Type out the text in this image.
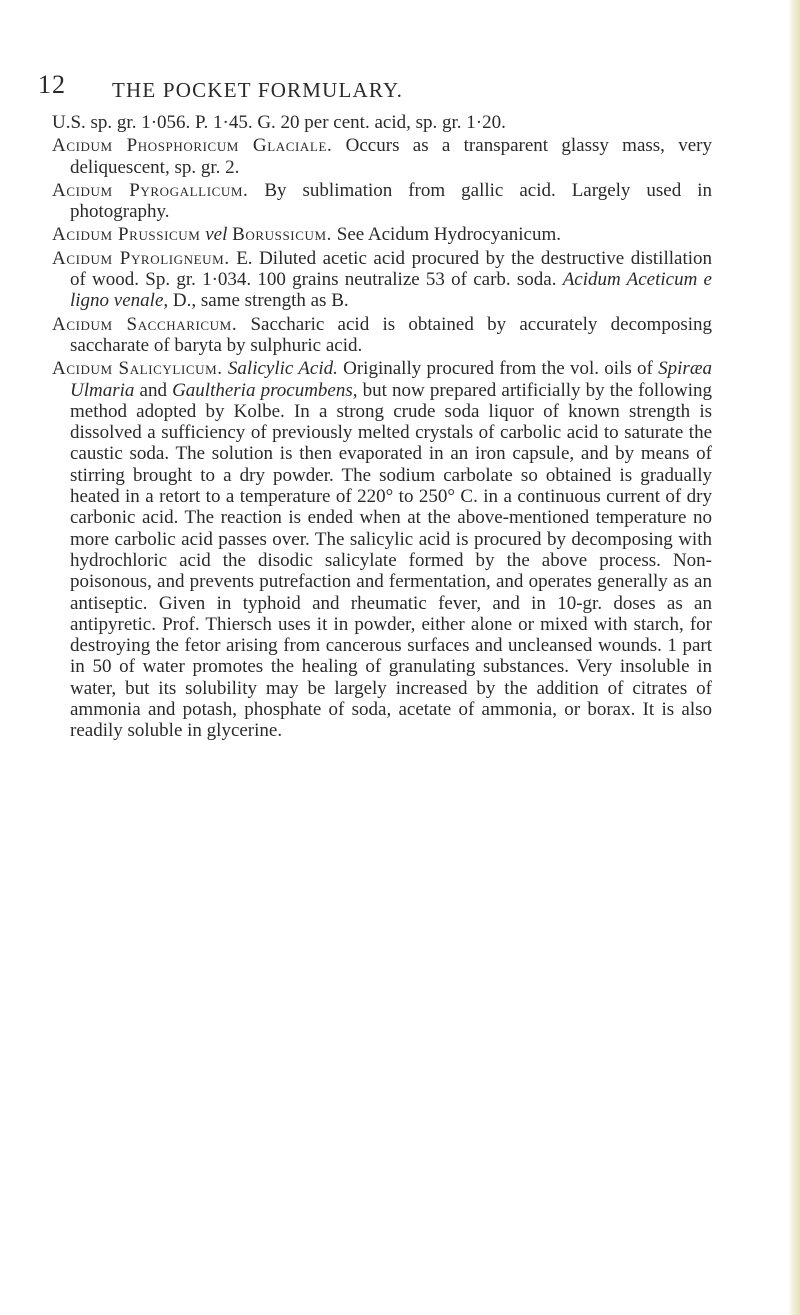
12 THE POCKET FORMULARY.

U.S. sp. gr. 1·056. P. 1·45. G. 20 per cent. acid, sp. gr. 1·20.

Acidum Phosphoricum Glaciale. Occurs as a transparent glassy mass, very deliquescent, sp. gr. 2.

Acidum Pyrogallicum. By sublimation from gallic acid. Largely used in photography.

Acidum Prussicum vel Borussicum. See Acidum Hydrocyanicum.

Acidum Pyroligneum. E. Diluted acetic acid procured by the destructive distillation of wood. Sp. gr. 1·034. 100 grains neutralize 53 of carb. soda. Acidum Aceticum e ligno venale, D., same strength as B.

Acidum Saccharicum. Saccharic acid is obtained by accurately decomposing saccharate of baryta by sulphuric acid.

Acidum Salicylicum. Salicylic Acid. Originally procured from the vol. oils of Spiræa Ulmaria and Gaultheria procumbens, but now prepared artificially by the following method adopted by Kolbe. In a strong crude soda liquor of known strength is dissolved a sufficiency of previously melted crystals of carbolic acid to saturate the caustic soda. The solution is then evaporated in an iron capsule, and by means of stirring brought to a dry powder. The sodium carbolate so obtained is gradually heated in a retort to a temperature of 220° to 250° C. in a continuous current of dry carbonic acid. The reaction is ended when at the above-mentioned temperature no more carbolic acid passes over. The salicylic acid is procured by decomposing with hydrochloric acid the disodic salicylate formed by the above process. Non-poisonous, and prevents putrefaction and fermentation, and operates generally as an antiseptic. Given in typhoid and rheumatic fever, and in 10-gr. doses as an antipyretic. Prof. Thiersch uses it in powder, either alone or mixed with starch, for destroying the fetor arising from cancerous surfaces and uncleansed wounds. 1 part in 50 of water promotes the healing of granulating substances. Very insoluble in water, but its solubility may be largely increased by the addition of citrates of ammonia and potash, phosphate of soda, acetate of ammonia, or borax. It is also readily soluble in glycerine.
